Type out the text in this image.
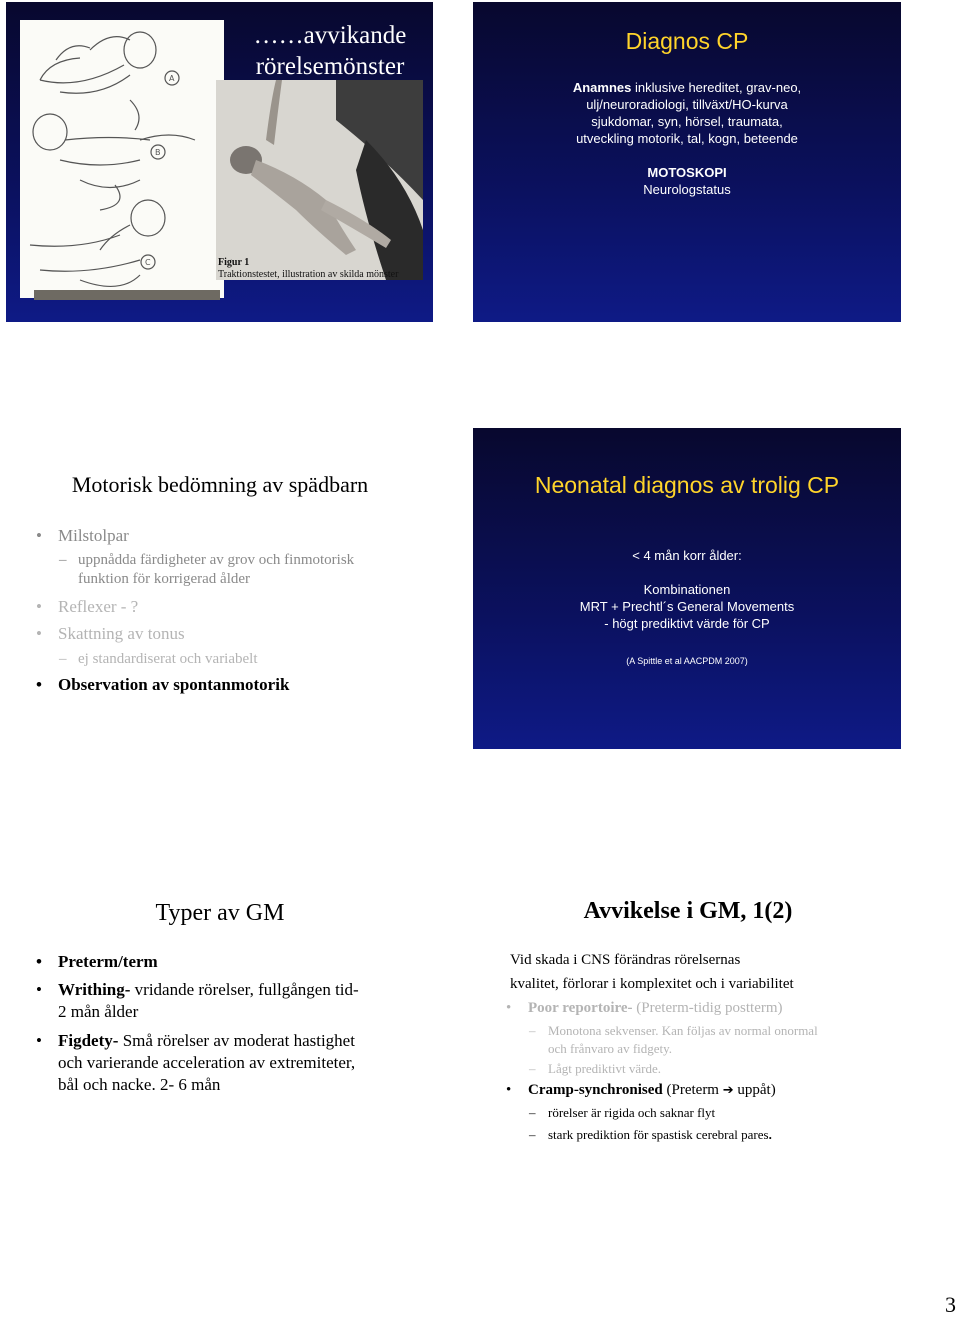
A
B
C
……avvikande
rörelsemönster
Figur 1
Traktionstestet, illustration av skilda mönster
Diagnos CP
Anamnes inklusive hereditet, grav-neo,
ulj/neuroradiologi, tillväxt/HO-kurva
sjukdomar, syn, hörsel, traumata,
utveckling motorik, tal, kogn, beteende
MOTOSKOPI
Neurologstatus
Motorisk bedömning av spädbarn
• Milstolpar
– uppnådda färdigheter av grov och finmotorisk
funktion för korrigerad ålder
• Reflexer - ?
• Skattning av tonus
– ej standardiserat och variabelt
• Observation av spontanmotorik
Neonatal diagnos av trolig CP
< 4 mån korr ålder:
Kombinationen
MRT + Prechtl´s General Movements
- högt prediktivt värde för CP
(A Spittle et al AACPDM 2007)
Typer av GM
• Preterm/term
• Writhing- vridande rörelser, fullgången tid-
2 mån ålder
• Figdety- Små rörelser av moderat hastighet
och varierande acceleration av extremiteter,
bål och nacke. 2- 6 mån
Avvikelse i GM, 1(2)
Vid skada i CNS förändras rörelsernas
kvalitet, förlorar i komplexitet och i variabilitet
• Poor reportoire- (Preterm-tidig postterm)
– Monotona sekvenser. Kan följas av normal onormal
och frånvaro av fidgety.
– Lågt prediktivt värde.
• Cramp-synchronised (Preterm ➔ uppåt)
– rörelser är rigida och saknar flyt
– stark prediktion för spastisk cerebral pares.
3
